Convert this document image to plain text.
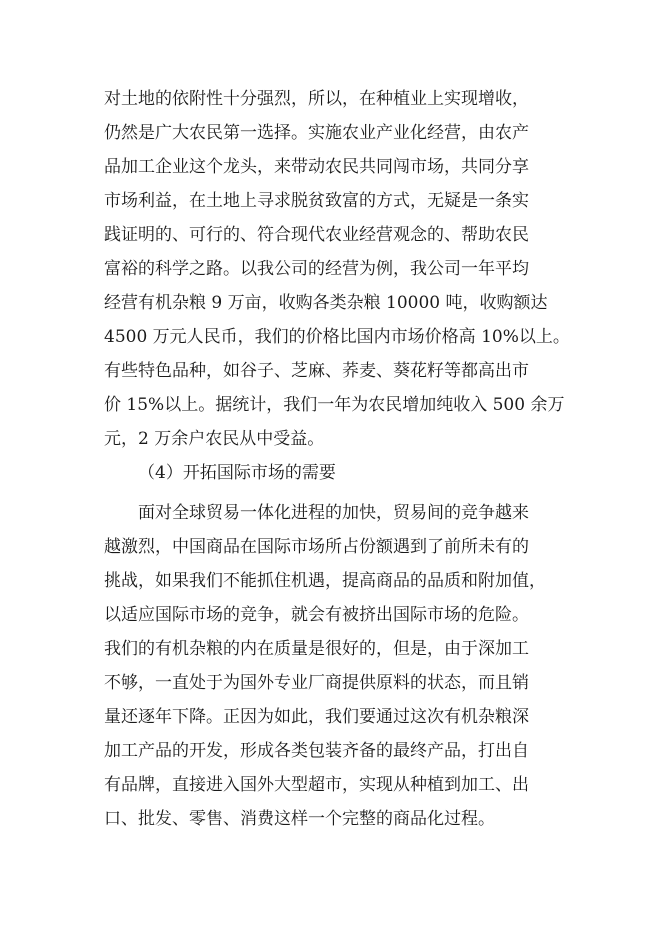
对土地的依附性十分强烈，所以，在种植业上实现增收，

仍然是广大农民第一选择。实施农业产业化经营，由农产

品加工企业这个龙头，来带动农民共同闯市场，共同分享

市场利益，在土地上寻求脱贫致富的方式，无疑是一条实

践证明的、可行的、符合现代农业经营观念的、帮助农民

富裕的科学之路。以我公司的经营为例，我公司一年平均

经营有机杂粮 9 万亩，收购各类杂粮 10000 吨，收购额达

4500 万元人民币，我们的价格比国内市场价格高 10%以上。

有些特色品种，如谷子、芝麻、荞麦、葵花籽等都高出市

价 15%以上。据统计，我们一年为农民增加纯收入 500 余万

元，2 万余户农民从中受益。

（4）开拓国际市场的需要

面对全球贸易一体化进程的加快，贸易间的竞争越来

越激烈，中国商品在国际市场所占份额遇到了前所未有的

挑战，如果我们不能抓住机遇，提高商品的品质和附加值，

以适应国际市场的竞争，就会有被挤出国际市场的危险。

我们的有机杂粮的内在质量是很好的，但是，由于深加工

不够，一直处于为国外专业厂商提供原料的状态，而且销

量还逐年下降。正因为如此，我们要通过这次有机杂粮深

加工产品的开发，形成各类包装齐备的最终产品，打出自

有品牌，直接进入国外大型超市，实现从种植到加工、出

口、批发、零售、消费这样一个完整的商品化过程。
